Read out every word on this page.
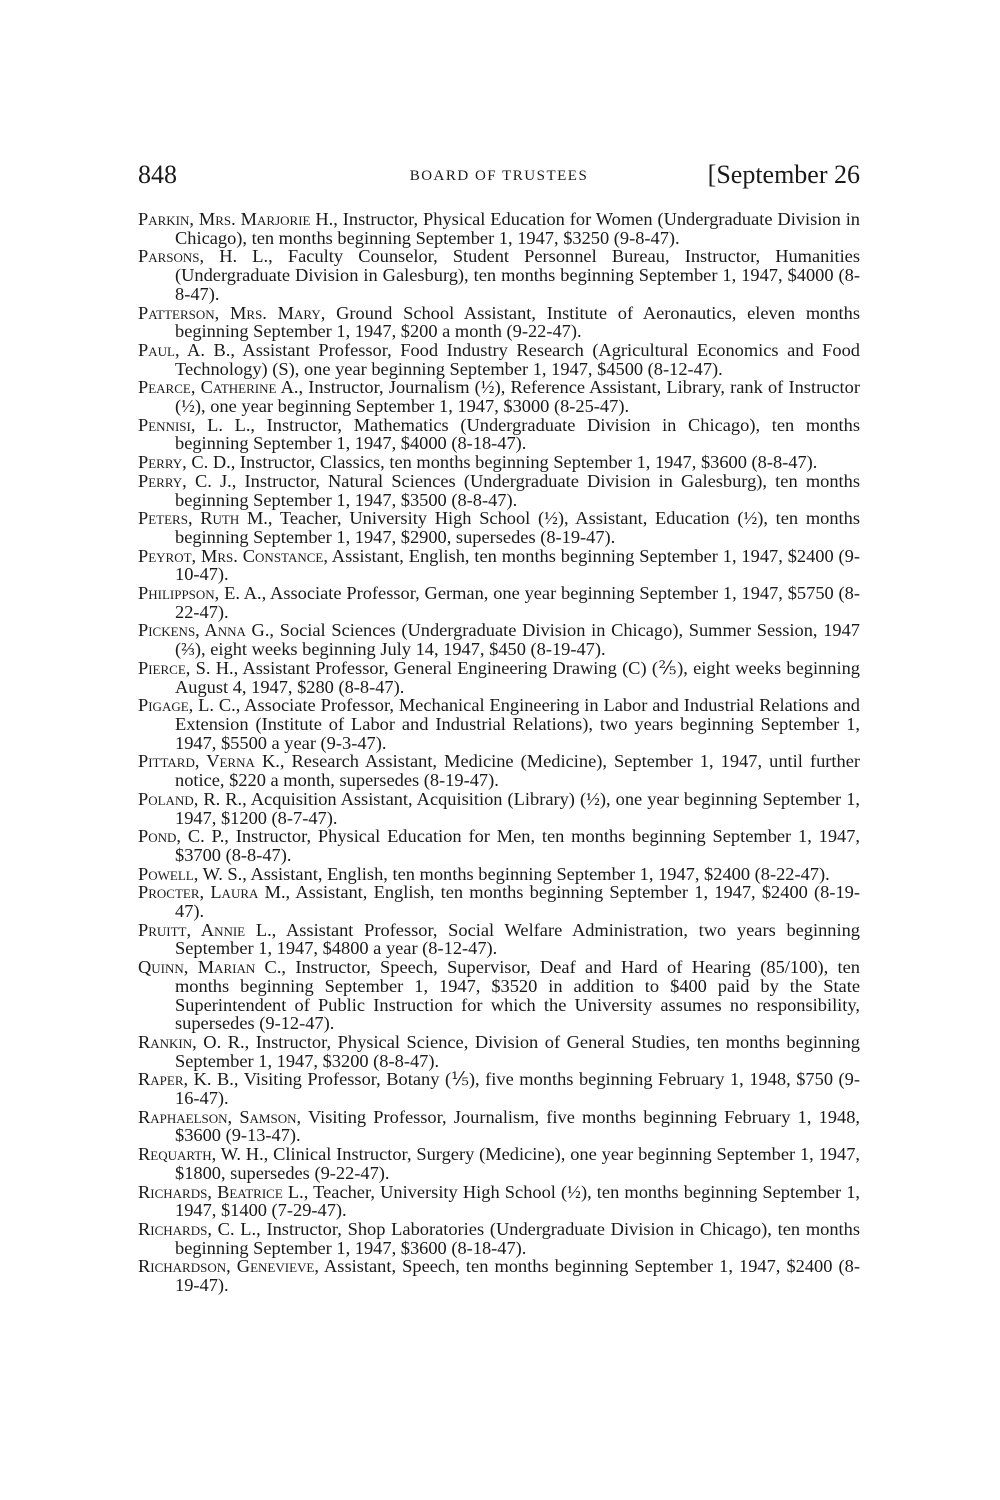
848	BOARD OF TRUSTEES	[September 26

Parkin, Mrs. Marjorie H., Instructor, Physical Education for Women (Undergraduate Division in Chicago), ten months beginning September 1, 1947, $3250 (9-8-47).

Parsons, H. L., Faculty Counselor, Student Personnel Bureau, Instructor, Humanities (Undergraduate Division in Galesburg), ten months beginning September 1, 1947, $4000 (8-8-47).

Patterson, Mrs. Mary, Ground School Assistant, Institute of Aeronautics, eleven months beginning September 1, 1947, $200 a month (9-22-47).

Paul, A. B., Assistant Professor, Food Industry Research (Agricultural Economics and Food Technology) (S), one year beginning September 1, 1947, $4500 (8-12-47).

Pearce, Catherine A., Instructor, Journalism (½), Reference Assistant, Library, rank of Instructor (½), one year beginning September 1, 1947, $3000 (8-25-47).

Pennisi, L. L., Instructor, Mathematics (Undergraduate Division in Chicago), ten months beginning September 1, 1947, $4000 (8-18-47).

Perry, C. D., Instructor, Classics, ten months beginning September 1, 1947, $3600 (8-8-47).

Perry, C. J., Instructor, Natural Sciences (Undergraduate Division in Galesburg), ten months beginning September 1, 1947, $3500 (8-8-47).

Peters, Ruth M., Teacher, University High School (½), Assistant, Education (½), ten months beginning September 1, 1947, $2900, supersedes (8-19-47).

Peyrot, Mrs. Constance, Assistant, English, ten months beginning September 1, 1947, $2400 (9-10-47).

Philippson, E. A., Associate Professor, German, one year beginning September 1, 1947, $5750 (8-22-47).

Pickens, Anna G., Social Sciences (Undergraduate Division in Chicago), Summer Session, 1947 (⅔), eight weeks beginning July 14, 1947, $450 (8-19-47).

Pierce, S. H., Assistant Professor, General Engineering Drawing (C) (⅖), eight weeks beginning August 4, 1947, $280 (8-8-47).

Pigage, L. C., Associate Professor, Mechanical Engineering in Labor and Industrial Relations and Extension (Institute of Labor and Industrial Relations), two years beginning September 1, 1947, $5500 a year (9-3-47).

Pittard, Verna K., Research Assistant, Medicine (Medicine), September 1, 1947, until further notice, $220 a month, supersedes (8-19-47).

Poland, R. R., Acquisition Assistant, Acquisition (Library) (½), one year beginning September 1, 1947, $1200 (8-7-47).

Pond, C. P., Instructor, Physical Education for Men, ten months beginning September 1, 1947, $3700 (8-8-47).

Powell, W. S., Assistant, English, ten months beginning September 1, 1947, $2400 (8-22-47).

Procter, Laura M., Assistant, English, ten months beginning September 1, 1947, $2400 (8-19-47).

Pruitt, Annie L., Assistant Professor, Social Welfare Administration, two years beginning September 1, 1947, $4800 a year (8-12-47).

Quinn, Marian C., Instructor, Speech, Supervisor, Deaf and Hard of Hearing (85/100), ten months beginning September 1, 1947, $3520 in addition to $400 paid by the State Superintendent of Public Instruction for which the University assumes no responsibility, supersedes (9-12-47).

Rankin, O. R., Instructor, Physical Science, Division of General Studies, ten months beginning September 1, 1947, $3200 (8-8-47).

Raper, K. B., Visiting Professor, Botany (⅕), five months beginning February 1, 1948, $750 (9-16-47).

Raphaelson, Samson, Visiting Professor, Journalism, five months beginning February 1, 1948, $3600 (9-13-47).

Requarth, W. H., Clinical Instructor, Surgery (Medicine), one year beginning September 1, 1947, $1800, supersedes (9-22-47).

Richards, Beatrice L., Teacher, University High School (½), ten months beginning September 1, 1947, $1400 (7-29-47).

Richards, C. L., Instructor, Shop Laboratories (Undergraduate Division in Chicago), ten months beginning September 1, 1947, $3600 (8-18-47).

Richardson, Genevieve, Assistant, Speech, ten months beginning September 1, 1947, $2400 (8-19-47).
